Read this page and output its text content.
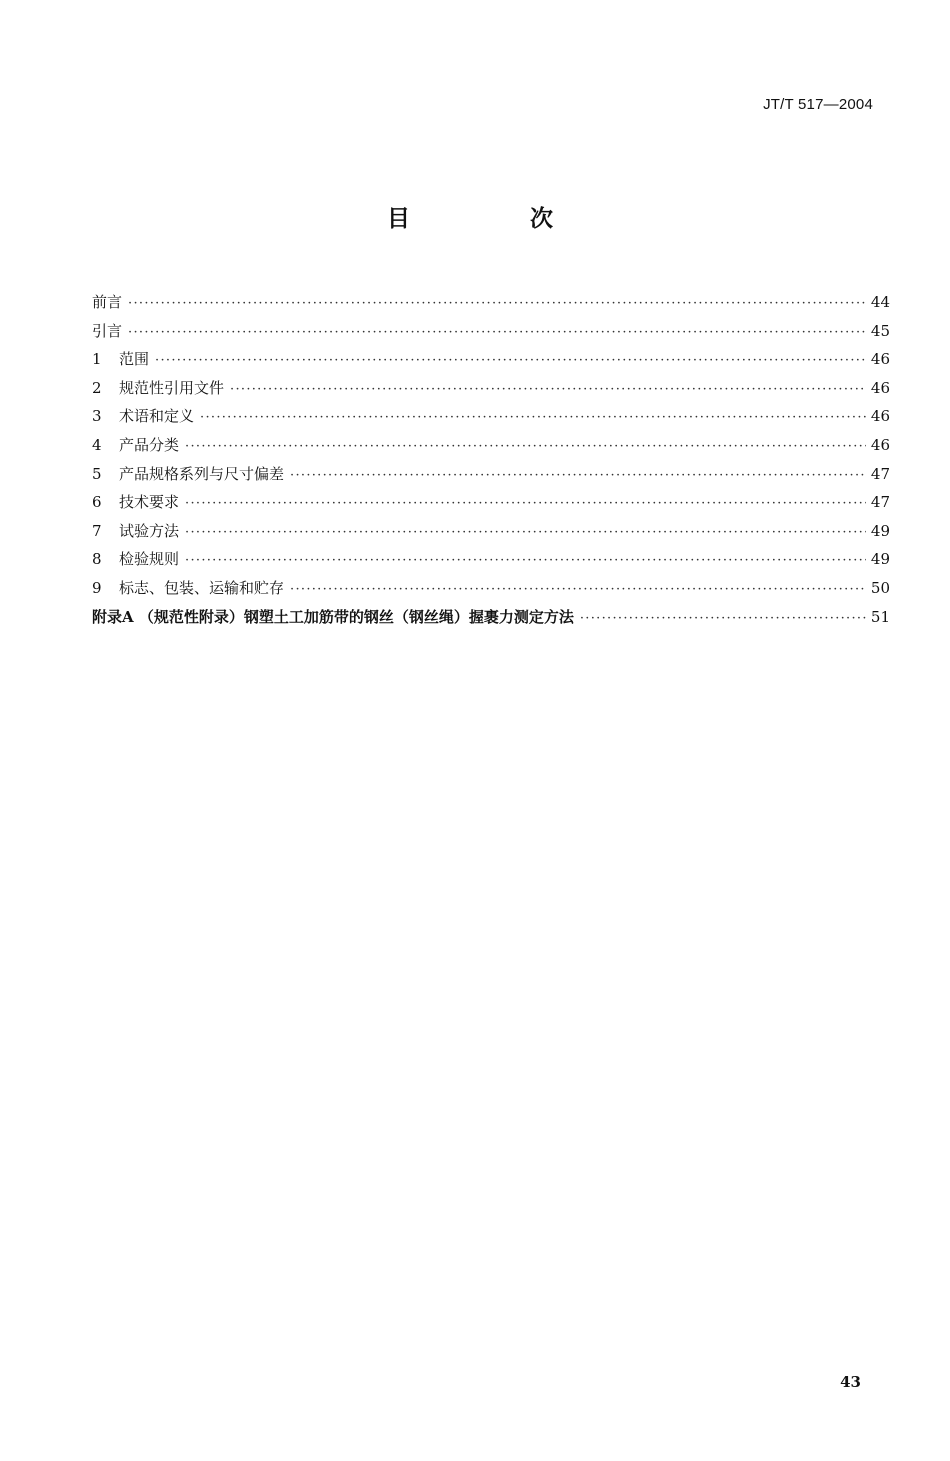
JT/T 517—2004
目 次
前言 ·····	44
引言 ·····	45
1	范围 ·····	46
2	规范性引用文件 ·····	46
3	术语和定义 ·····	46
4	产品分类 ·····	46
5	产品规格系列与尺寸偏差 ·····	47
6	技术要求 ·····	47
7	试验方法 ·····	49
8	检验规则 ·····	49
9	标志、包装、运输和贮存 ·····	50
附录A （规范性附录）钢塑土工加筋带的钢丝（钢丝绳）握裹力测定方法 ·····	51
43
